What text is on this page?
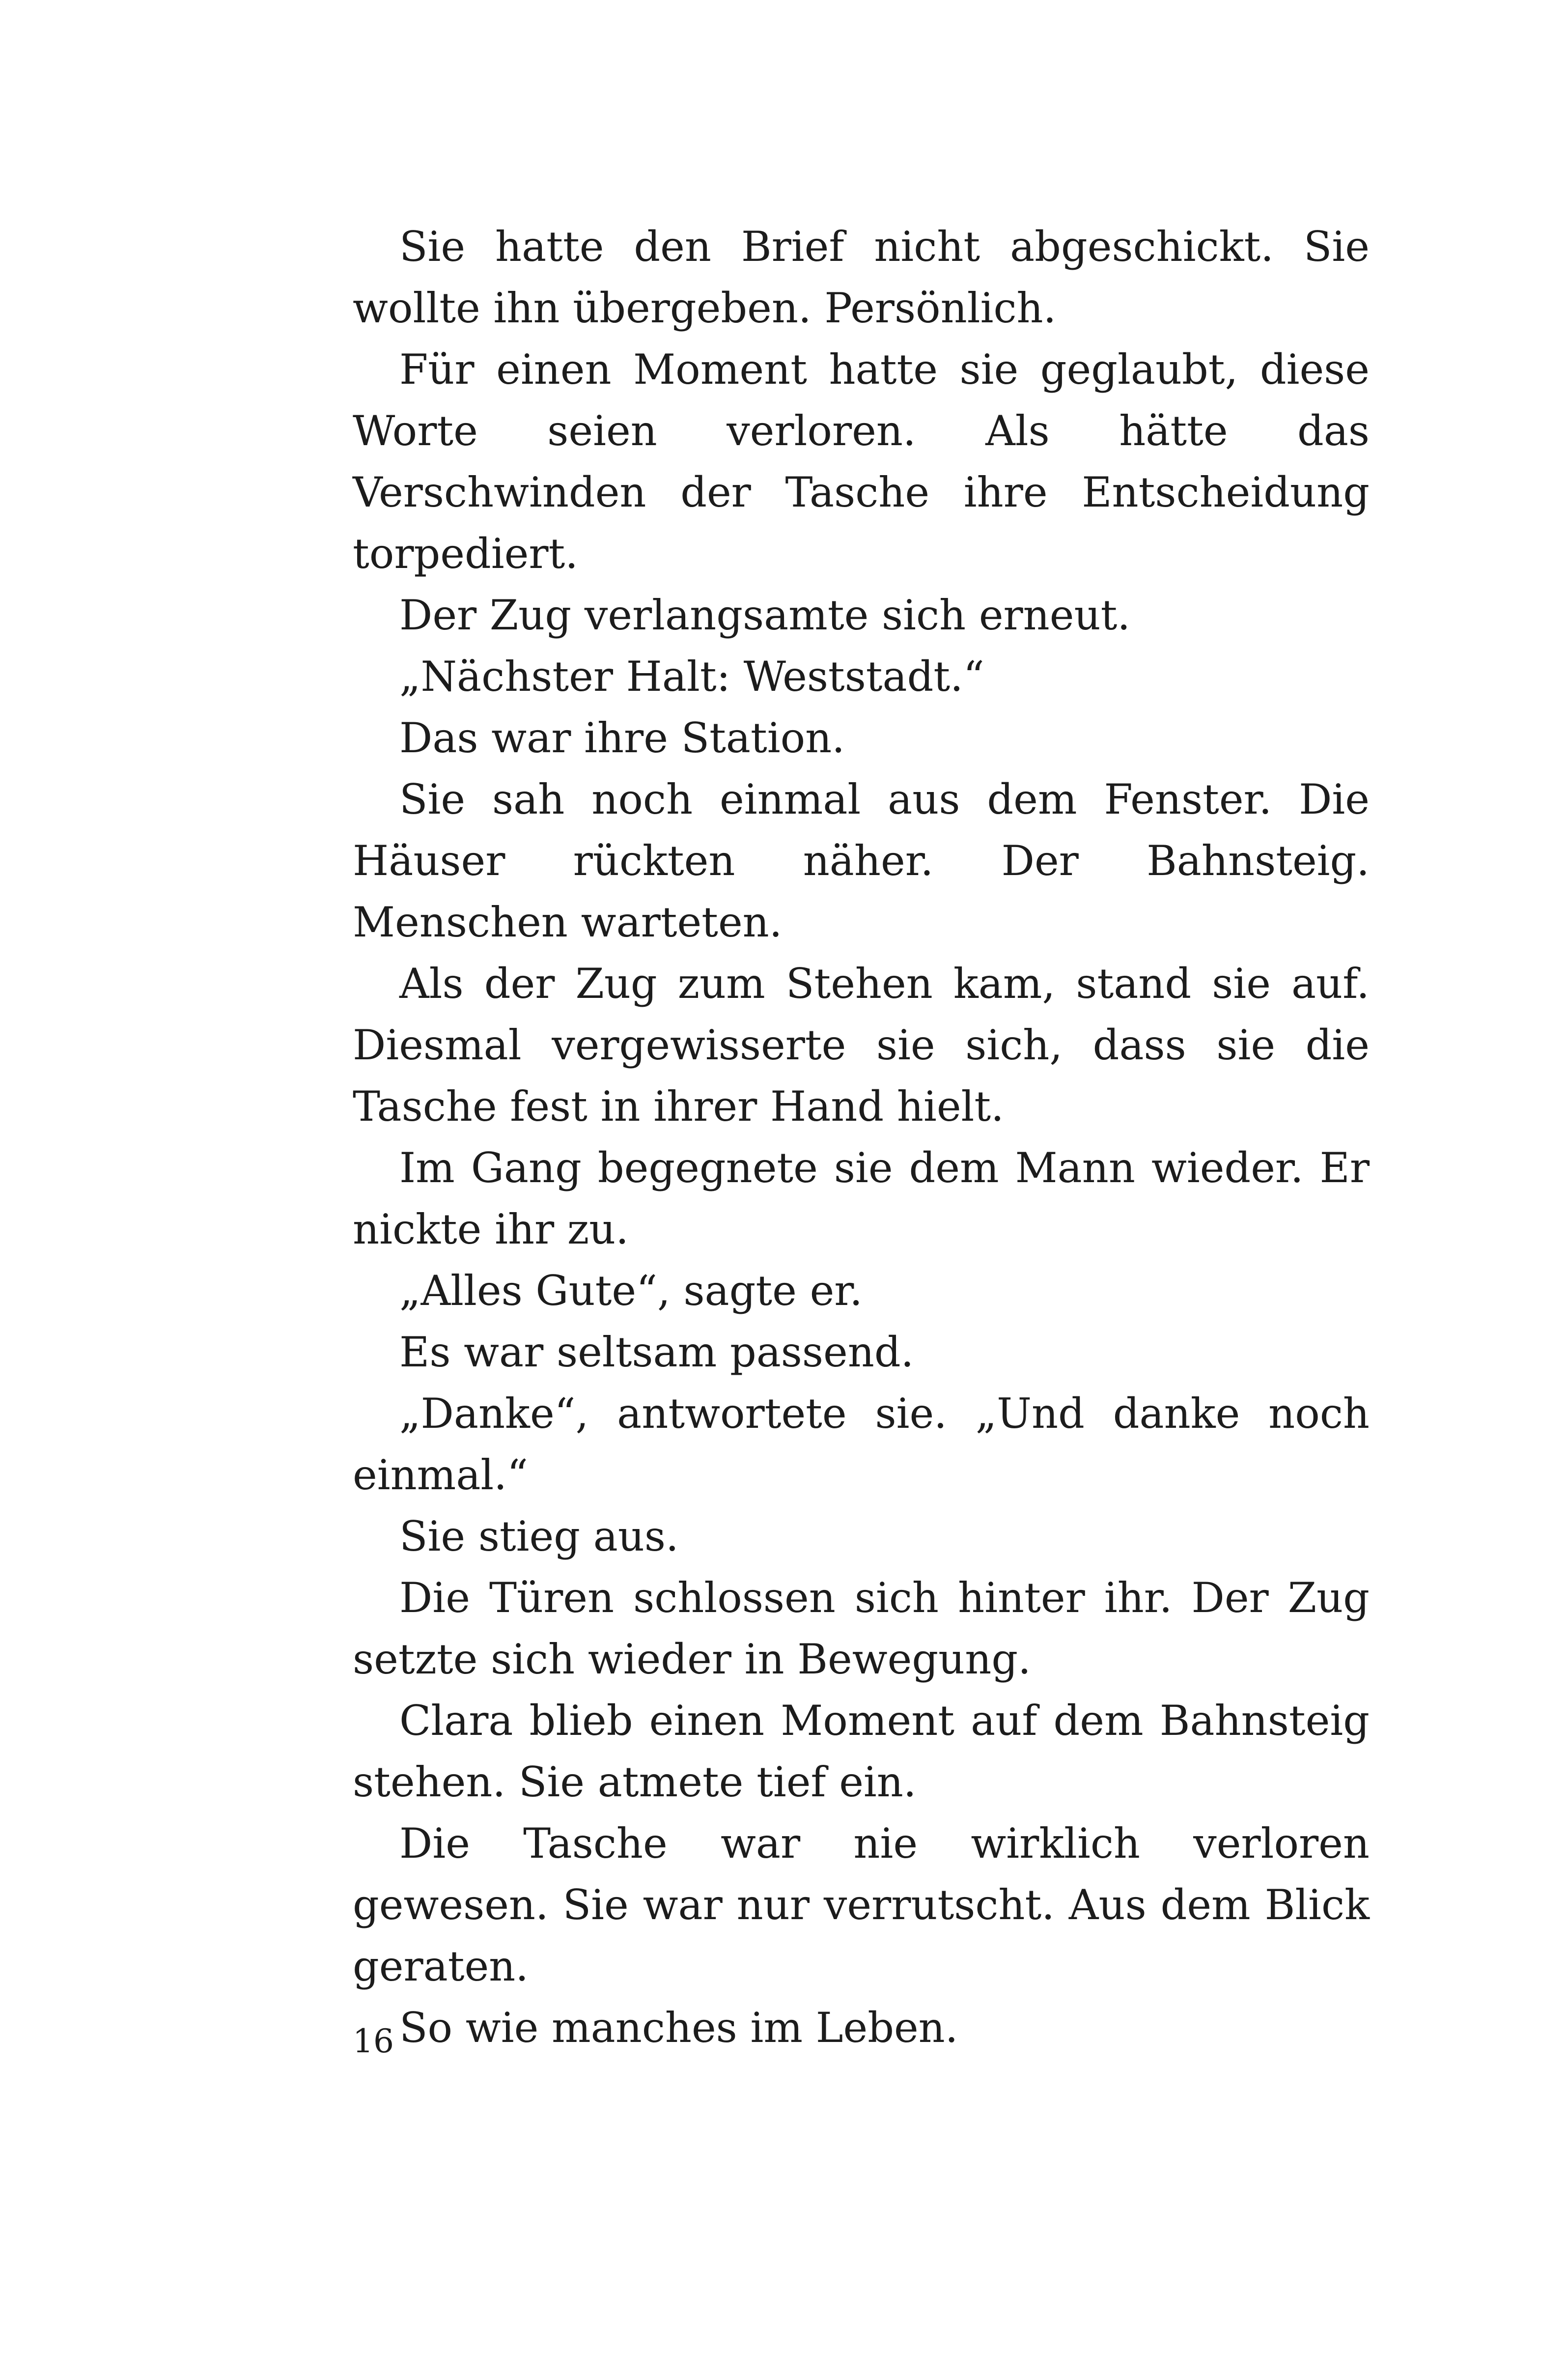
Sie hatte den Brief nicht abgeschickt. Sie wollte ihn übergeben. Persönlich.

Für einen Moment hatte sie geglaubt, diese Worte seien verloren. Als hätte das Verschwinden der Tasche ihre Entscheidung torpediert.

Der Zug verlangsamte sich erneut.

„Nächster Halt: Weststadt.“

Das war ihre Station.

Sie sah noch einmal aus dem Fenster. Die Häuser rückten näher. Der Bahnsteig. Menschen warteten.

Als der Zug zum Stehen kam, stand sie auf. Diesmal vergewisserte sie sich, dass sie die Tasche fest in ihrer Hand hielt.

Im Gang begegnete sie dem Mann wieder. Er nickte ihr zu.

„Alles Gute“, sagte er.

Es war seltsam passend.

„Danke“, antwortete sie. „Und danke noch einmal.“

Sie stieg aus.

Die Türen schlossen sich hinter ihr. Der Zug setzte sich wieder in Bewegung.

Clara blieb einen Moment auf dem Bahnsteig stehen. Sie atmete tief ein.

Die Tasche war nie wirklich verloren gewesen. Sie war nur verrutscht. Aus dem Blick geraten.

So wie manches im Leben.

16
